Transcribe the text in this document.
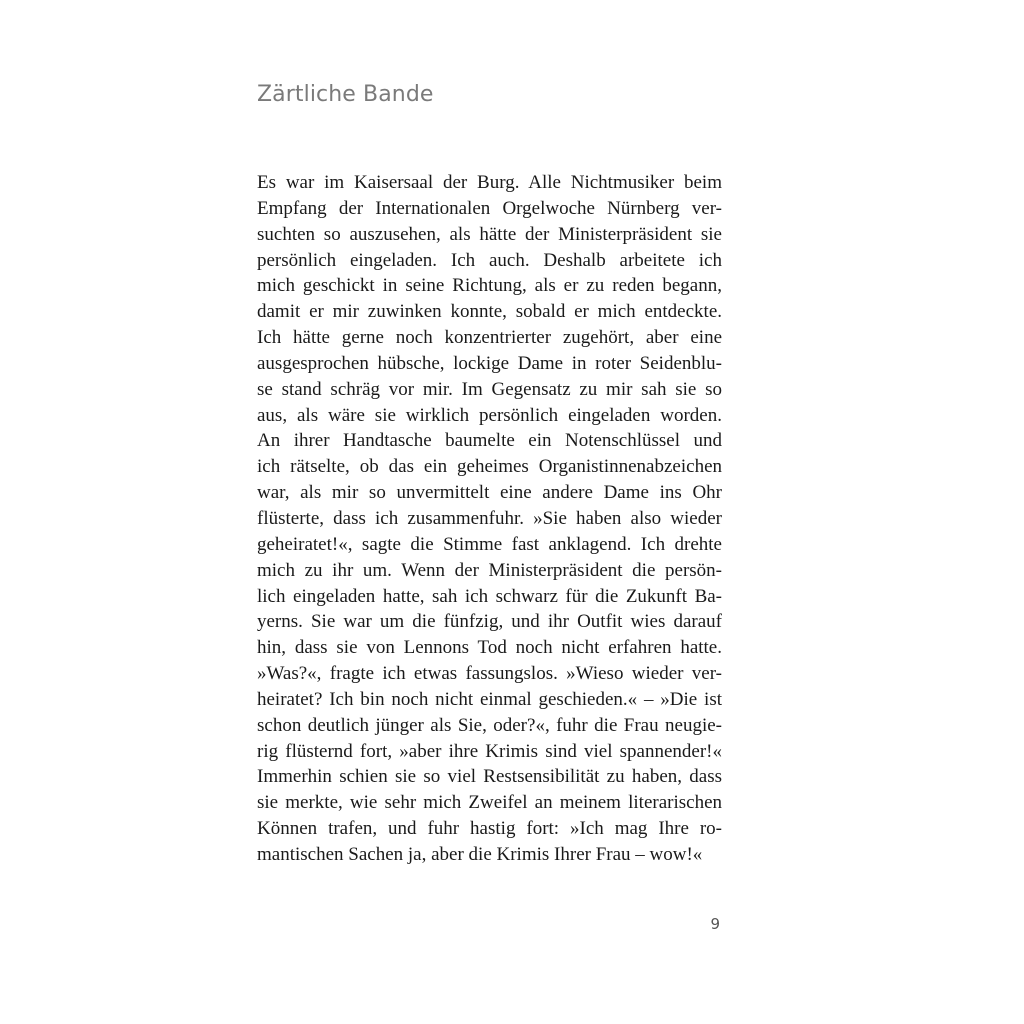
Zärtliche Bande
Es war im Kaisersaal der Burg. Alle Nichtmusiker beim
Empfang der Internationalen Orgelwoche Nürnberg ver-
suchten so auszusehen, als hätte der Ministerpräsident sie
persönlich eingeladen. Ich auch. Deshalb arbeitete ich
mich geschickt in seine Richtung, als er zu reden begann,
damit er mir zuwinken konnte, sobald er mich entdeckte.
Ich hätte gerne noch konzentrierter zugehört, aber eine
ausgesprochen hübsche, lockige Dame in roter Seidenblu-
se stand schräg vor mir. Im Gegensatz zu mir sah sie so
aus, als wäre sie wirklich persönlich eingeladen worden.
An ihrer Handtasche baumelte ein Notenschlüssel und
ich rätselte, ob das ein geheimes Organistinnenabzeichen
war, als mir so unvermittelt eine andere Dame ins Ohr
flüsterte, dass ich zusammenfuhr. »Sie haben also wieder
geheiratet!«, sagte die Stimme fast anklagend. Ich drehte
mich zu ihr um. Wenn der Ministerpräsident die persön-
lich eingeladen hatte, sah ich schwarz für die Zukunft Ba-
yerns. Sie war um die fünfzig, und ihr Outfit wies darauf
hin, dass sie von Lennons Tod noch nicht erfahren hatte.
»Was?«, fragte ich etwas fassungslos. »Wieso wieder ver-
heiratet? Ich bin noch nicht einmal geschieden.« – »Die ist
schon deutlich jünger als Sie, oder?«, fuhr die Frau neugie-
rig flüsternd fort, »aber ihre Krimis sind viel spannender!«
Immerhin schien sie so viel Restsensibilität zu haben, dass
sie merkte, wie sehr mich Zweifel an meinem literarischen
Können trafen, und fuhr hastig fort: »Ich mag Ihre ro-
mantischen Sachen ja, aber die Krimis Ihrer Frau – wow!«
9
